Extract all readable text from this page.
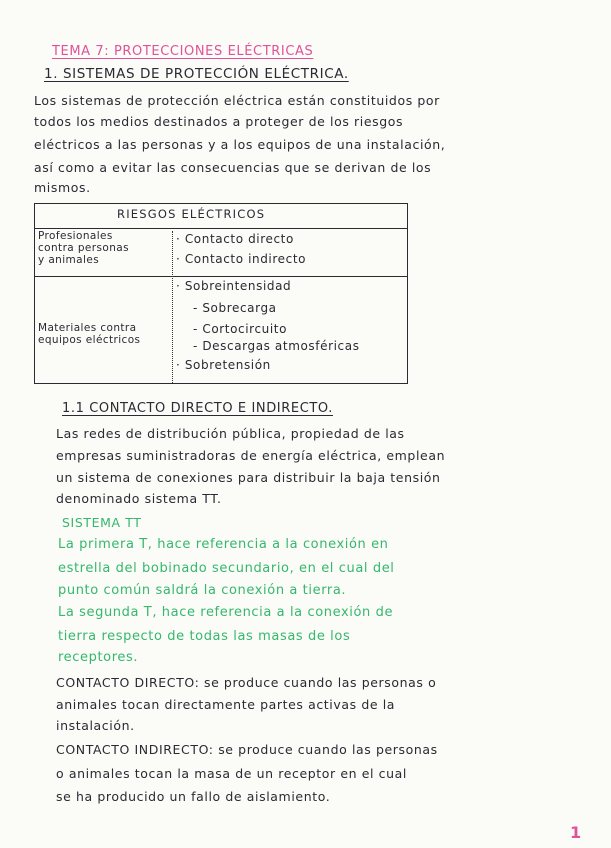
TEMA 7: PROTECCIONES ELÉCTRICAS
1. SISTEMAS DE PROTECCIÓN ELÉCTRICA.
Los sistemas de protección eléctrica están constituidos por
todos los medios destinados a proteger de los riesgos
eléctricos a las personas y a los equipos de una instalación,
así como a evitar las consecuencias que se derivan de los
mismos.
RIESGOS ELÉCTRICOS
Profesionales
contra personas
y animales
· Contacto directo
· Contacto indirecto
Materiales contra
equipos eléctricos
· Sobreintensidad
- Sobrecarga
- Cortocircuito
- Descargas atmosféricas
· Sobretensión
1.1 CONTACTO DIRECTO E INDIRECTO.
Las redes de distribución pública, propiedad de las
empresas suministradoras de energía eléctrica, emplean
un sistema de conexiones para distribuir la baja tensión
denominado sistema TT.
SISTEMA TT
La primera T, hace referencia a la conexión en
estrella del bobinado secundario, en el cual del
punto común saldrá la conexión a tierra.
La segunda T, hace referencia a la conexión de
tierra respecto de todas las masas de los
receptores.
CONTACTO DIRECTO: se produce cuando las personas o
animales tocan directamente partes activas de la
instalación.
CONTACTO INDIRECTO: se produce cuando las personas
o animales tocan la masa de un receptor en el cual
se ha producido un fallo de aislamiento.
1
